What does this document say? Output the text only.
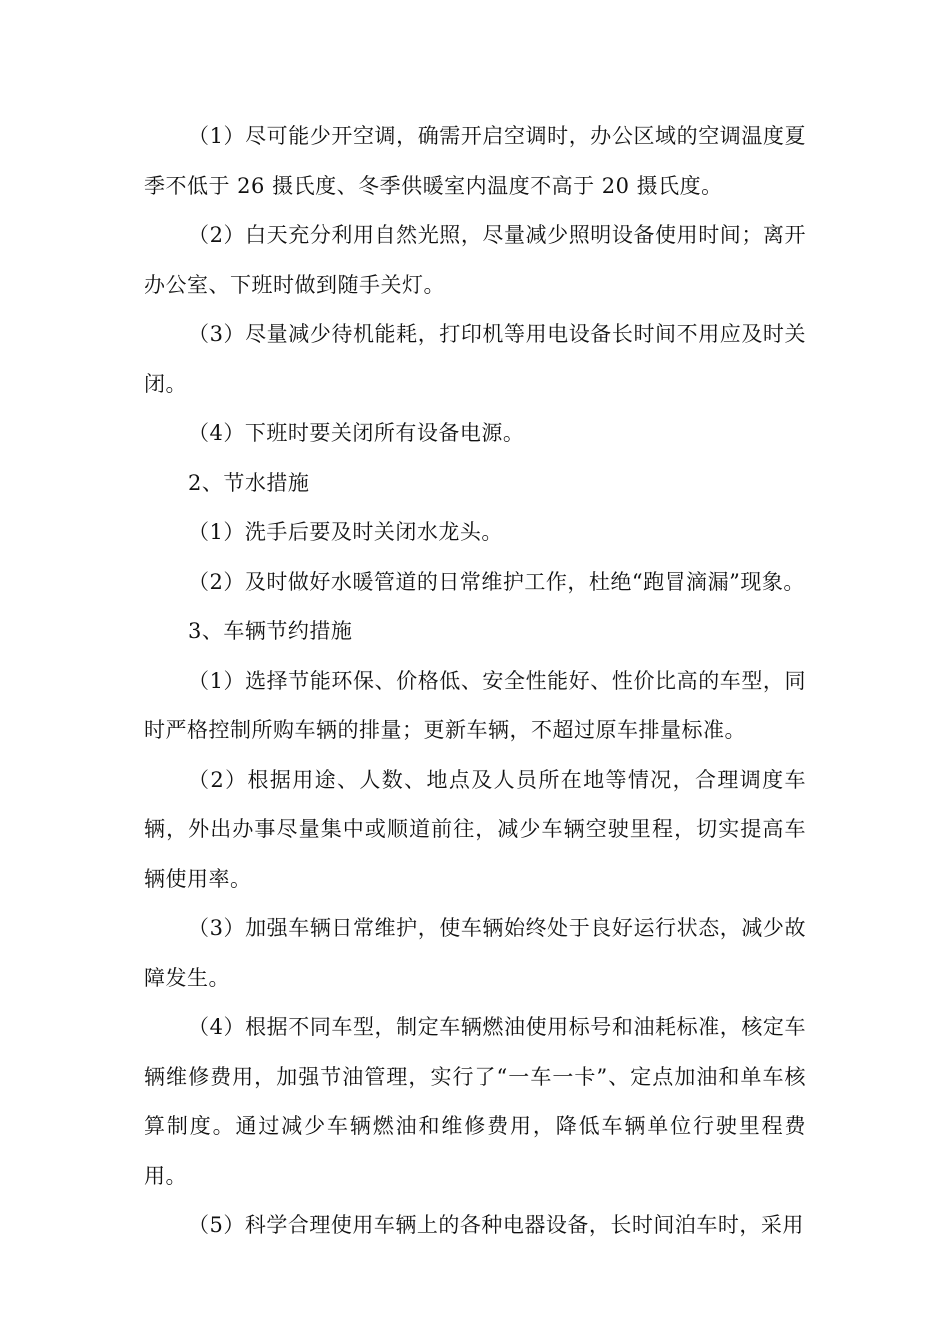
（1）尽可能少开空调，确需开启空调时，办公区域的空调温度夏季不低于 26 摄氏度、冬季供暖室内温度不高于 20 摄氏度。

（2）白天充分利用自然光照，尽量减少照明设备使用时间；离开办公室、下班时做到随手关灯。

（3）尽量减少待机能耗，打印机等用电设备长时间不用应及时关闭。

（4）下班时要关闭所有设备电源。

2、节水措施

（1）洗手后要及时关闭水龙头。

（2）及时做好水暖管道的日常维护工作，杜绝“跑冒滴漏”现象。

3、车辆节约措施

（1）选择节能环保、价格低、安全性能好、性价比高的车型，同时严格控制所购车辆的排量；更新车辆，不超过原车排量标准。

（2）根据用途、人数、地点及人员所在地等情况，合理调度车辆，外出办事尽量集中或顺道前往，减少车辆空驶里程，切实提高车辆使用率。

（3）加强车辆日常维护，使车辆始终处于良好运行状态，减少故障发生。

（4）根据不同车型，制定车辆燃油使用标号和油耗标准，核定车辆维修费用，加强节油管理，实行了“一车一卡”、定点加油和单车核算制度。通过减少车辆燃油和维修费用，降低车辆单位行驶里程费用。

（5）科学合理使用车辆上的各种电器设备，长时间泊车时，采用
